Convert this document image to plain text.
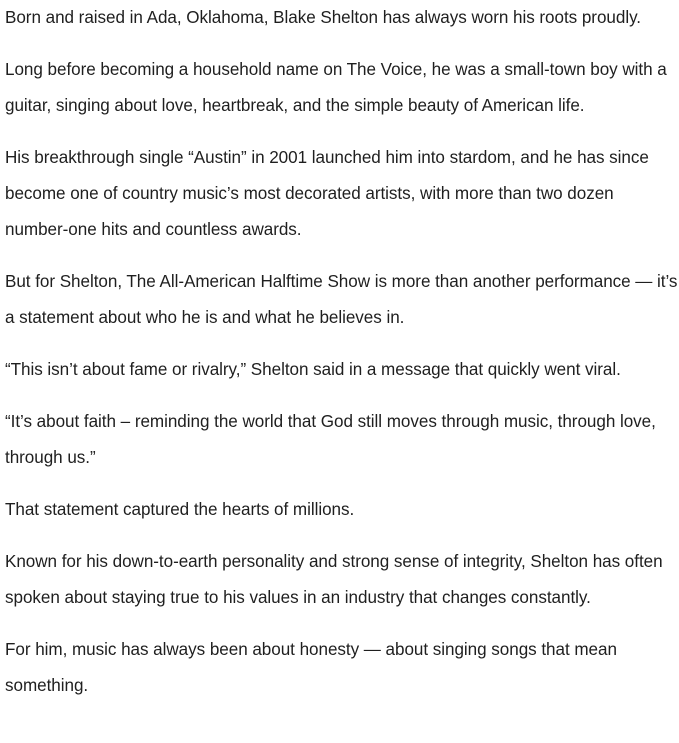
Born and raised in Ada, Oklahoma, Blake Shelton has always worn his roots proudly.

Long before becoming a household name on The Voice, he was a small-town boy with a guitar, singing about love, heartbreak, and the simple beauty of American life.

His breakthrough single “Austin” in 2001 launched him into stardom, and he has since become one of country music’s most decorated artists, with more than two dozen number-one hits and countless awards.

But for Shelton, The All-American Halftime Show is more than another performance — it’s a statement about who he is and what he believes in.

“This isn’t about fame or rivalry,” Shelton said in a message that quickly went viral.

“It’s about faith – reminding the world that God still moves through music, through love, through us.”

That statement captured the hearts of millions.

Known for his down-to-earth personality and strong sense of integrity, Shelton has often spoken about staying true to his values in an industry that changes constantly.

For him, music has always been about honesty — about singing songs that mean something.
